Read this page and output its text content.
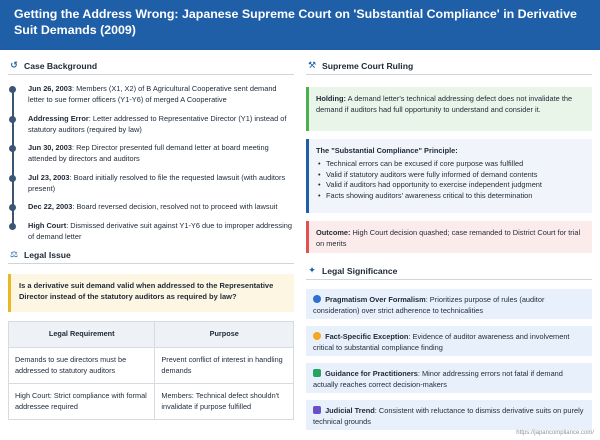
Getting the Address Wrong: Japanese Supreme Court on 'Substantial Compliance' in Derivative Suit Demands (2009)
↺ Case Background
Jun 26, 2003: Members (X1, X2) of B Agricultural Cooperative sent demand letter to sue former officers (Y1-Y6) of merged A Cooperative
Addressing Error: Letter addressed to Representative Director (Y1) instead of statutory auditors (required by law)
Jun 30, 2003: Rep Director presented full demand letter at board meeting attended by directors and auditors
Jul 23, 2003: Board initially resolved to file the requested lawsuit (with auditors present)
Dec 22, 2003: Board reversed decision, resolved not to proceed with lawsuit
High Court: Dismissed derivative suit against Y1-Y6 due to improper addressing of demand letter
⚖ Legal Issue
Is a derivative suit demand valid when addressed to the Representative Director instead of the statutory auditors as required by law?
Legal Requirement	Purpose
Demands to sue directors must be addressed to statutory auditors	Prevent conflict of interest in handling demands
High Court: Strict compliance with formal addressee required	Members: Technical defect shouldn't invalidate if purpose fulfilled
⚒ Supreme Court Ruling
Holding: A demand letter's technical addressing defect does not invalidate the demand if auditors had full opportunity to understand and consider it.
The "Substantial Compliance" Principle:
• Technical errors can be excused if core purpose was fulfilled
• Valid if statutory auditors were fully informed of demand contents
• Valid if auditors had opportunity to exercise independent judgment
• Facts showing auditors' awareness critical to this determination
Outcome: High Court decision quashed; case remanded to District Court for trial on merits
✦ Legal Significance
Pragmatism Over Formalism: Prioritizes purpose of rules (auditor consideration) over strict adherence to technicalities
Fact-Specific Exception: Evidence of auditor awareness and involvement critical to substantial compliance finding
Guidance for Practitioners: Minor addressing errors not fatal if demand actually reaches correct decision-makers
Judicial Trend: Consistent with reluctance to dismiss derivative suits on purely technical grounds
https://japancompliance.com/
